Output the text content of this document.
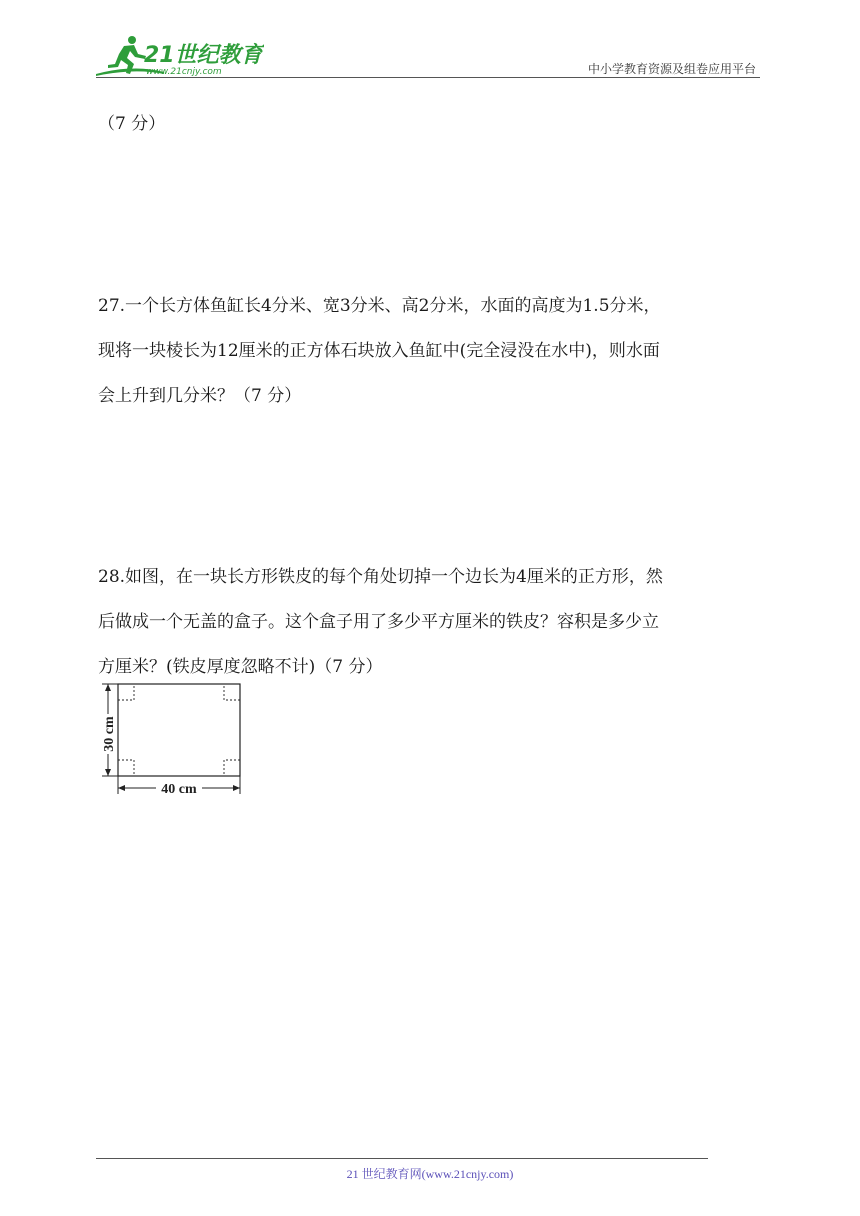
21世纪教育
www.21cnjy.com	中小学教育资源及组卷应用平台
（7 分）
27.一个长方体鱼缸长4分米、宽3分米、高2分米，水面的高度为1.5分米，
现将一块棱长为12厘米的正方体石块放入鱼缸中(完全浸没在水中)，则水面
会上升到几分米？（7 分）
28.如图，在一块长方形铁皮的每个角处切掉一个边长为4厘米的正方形，然
后做成一个无盖的盒子。这个盒子用了多少平方厘米的铁皮？容积是多少立
方厘米？(铁皮厚度忽略不计)（7 分）
30 cm
40 cm
21 世纪教育网(www.21cnjy.com)
